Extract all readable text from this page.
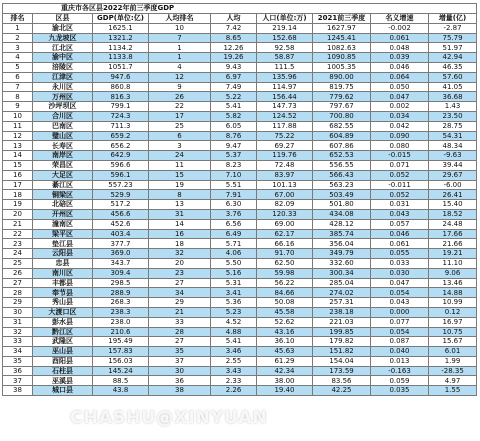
重庆市各区县2022年前三季度GDP								
排名	区县	GDP(单位:亿)	人均排名	人均	人口(单位:万)	2021前三季度	名义增速	增量(亿)
1	渝北区	1625.1	10	7.42	219.14	1627.97	-0.002	-2.87
2	九龙坡区	1321.2	7	8.65	152.68	1245.41	0.061	75.79
3	江北区	1134.2	1	12.26	92.58	1082.63	0.048	51.97
4	渝中区	1133.8	1	19.26	58.87	1090.85	0.039	42.94
5	涪陵区	1051.7	4	9.43	111.5	1005.35	0.046	46.35
6	江津区	947.6	12	6.97	135.96	890.00	0.064	57.60
7	永川区	860.8	9	7.49	114.97	819.75	0.050	41.05
8	万州区	816.3	26	5.22	156.44	779.62	0.047	36.68
9	沙坪坝区	799.1	22	5.41	147.73	797.67	0.002	1.43
10	合川区	724.3	17	5.82	124.52	700.80	0.034	23.50
11	巴南区	711.3	25	6.05	117.88	682.55	0.042	28.75
12	璧山区	659.2	6	8.76	75.22	604.89	0.090	54.31
13	长寿区	656.2	3	9.47	69.27	607.86	0.080	48.34
14	南岸区	642.9	24	5.37	119.76	652.53	-0.015	-9.63
15	荣昌区	596.6	11	8.23	72.48	556.55	0.071	39.44
16	大足区	596.1	15	7.10	83.97	566.43	0.052	29.67
17	綦江区	557.23	19	5.51	101.13	563.23	-0.011	-6.00
18	铜梁区	529.9	8	7.91	67.00	503.49	0.052	26.41
19	北碚区	517.2	13	6.30	82.09	501.80	0.031	15.40
20	开州区	456.6	31	3.76	120.33	434.08	0.043	18.52
21	潼南区	452.6	14	6.56	69.00	428.12	0.057	24.48
22	梁平区	403.4	16	6.49	62.17	385.74	0.046	17.66
23	垫江县	377.7	18	5.71	66.16	356.04	0.061	21.66
24	云阳县	369.0	32	4.06	91.70	349.79	0.055	19.21
25	忠县	343.7	20	5.50	62.50	332.60	0.033	11.10
26	南川区	309.4	23	5.16	59.98	300.34	0.030	9.06
27	丰都县	298.5	27	5.31	56.22	285.04	0.047	13.46
28	奉节县	288.9	34	3.41	84.66	274.02	0.054	14.88
29	秀山县	268.3	29	5.36	50.08	257.31	0.043	10.99
30	大渡口区	238.3	21	5.23	45.58	238.18	0.000	0.12
31	彭水县	238.0	33	4.52	52.62	221.03	0.077	16.97
32	黔江区	210.6	28	4.88	43.16	199.85	0.054	10.75
33	武隆区	195.49	27	5.41	36.10	179.82	0.087	15.67
34	巫山县	157.83	35	3.46	45.63	151.82	0.040	6.01
35	酉阳县	156.03	37	2.55	61.29	154.04	0.013	1.99
36	石柱县	145.24	30	3.43	42.34	173.59	-0.163	-28.35
37	巫溪县	88.5	36	2.33	38.00	83.56	0.059	4.97
38	城口县	43.8	38	2.26	19.40	42.25	0.035	1.55
CHASHU@XINYUAN
